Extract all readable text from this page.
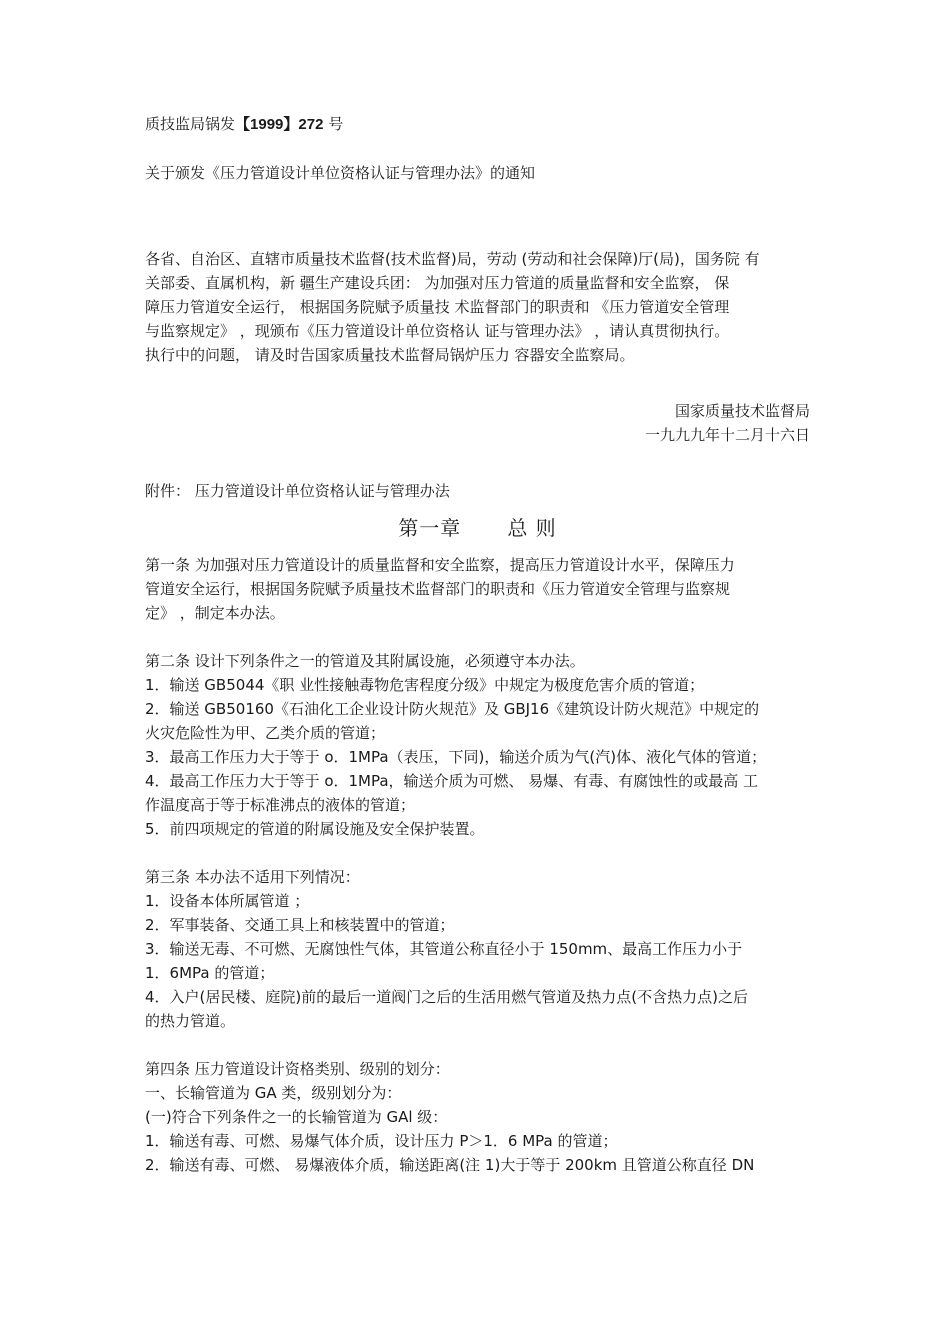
质技监局锅发【1999】272 号
关于颁发《压力管道设计单位资格认证与管理办法》的通知
各省、自治区、直辖市质量技术监督(技术监督)局，劳动 (劳动和社会保障)厅(局)，国务院 有
关部委、直属机构，新 疆生产建设兵团： 为加强对压力管道的质量监督和安全监察， 保
障压力管道安全运行， 根据国务院赋予质量技 术监督部门的职责和 《压力管道安全管理
与监察规定》 ，现颁布《压力管道设计单位资格认 证与管理办法》 ，请认真贯彻执行。
执行中的问题， 请及时告国家质量技术监督局锅炉压力 容器安全监察局。
国家质量技术监督局
一九九九年十二月十六日
附件： 压力管道设计单位资格认证与管理办法
第一章 总 则
第一条 为加强对压力管道设计的质量监督和安全监察，提高压力管道设计水平，保障压力
管道安全运行，根据国务院赋予质量技术监督部门的职责和《压力管道安全管理与监察规
定》 ，制定本办法。
第二条 设计下列条件之一的管道及其附属设施，必须遵守本办法。
1．输送 GB5044《职 业性接触毒物危害程度分级》中规定为极度危害介质的管道；
2．输送 GB50160《石油化工企业设计防火规范》及 GBJ16《建筑设计防火规范》中规定的
火灾危险性为甲、乙类介质的管道；
3．最高工作压力大于等于 o．1MPa（表压，下同)，输送介质为气(汽)体、液化气体的管道；
4．最高工作压力大于等于 o．1MPa，输送介质为可燃、 易爆、有毒、有腐蚀性的或最高 工
作温度高于等于标准沸点的液体的管道；
5．前四项规定的管道的附属设施及安全保护装置。
第三条 本办法不适用下列情况：
1．设备本体所属管道 ；
2．军事装备、交通工具上和核装置中的管道；
3．输送无毒、不可燃、无腐蚀性气体，其管道公称直径小于 150mm、最高工作压力小于
1．6MPa 的管道；
4．入户(居民楼、庭院)前的最后一道阀门之后的生活用燃气管道及热力点(不含热力点)之后
的热力管道。
第四条 压力管道设计资格类别、级别的划分：
一、长输管道为 GA 类，级别划分为：
(一)符合下列条件之一的长输管道为 GAl 级：
1．输送有毒、可燃、易爆气体介质，设计压力 P＞1．6 MPa 的管道；
2．输送有毒、可燃、 易爆液体介质，输送距离(注 1)大于等于 200km 且管道公称直径 DN
